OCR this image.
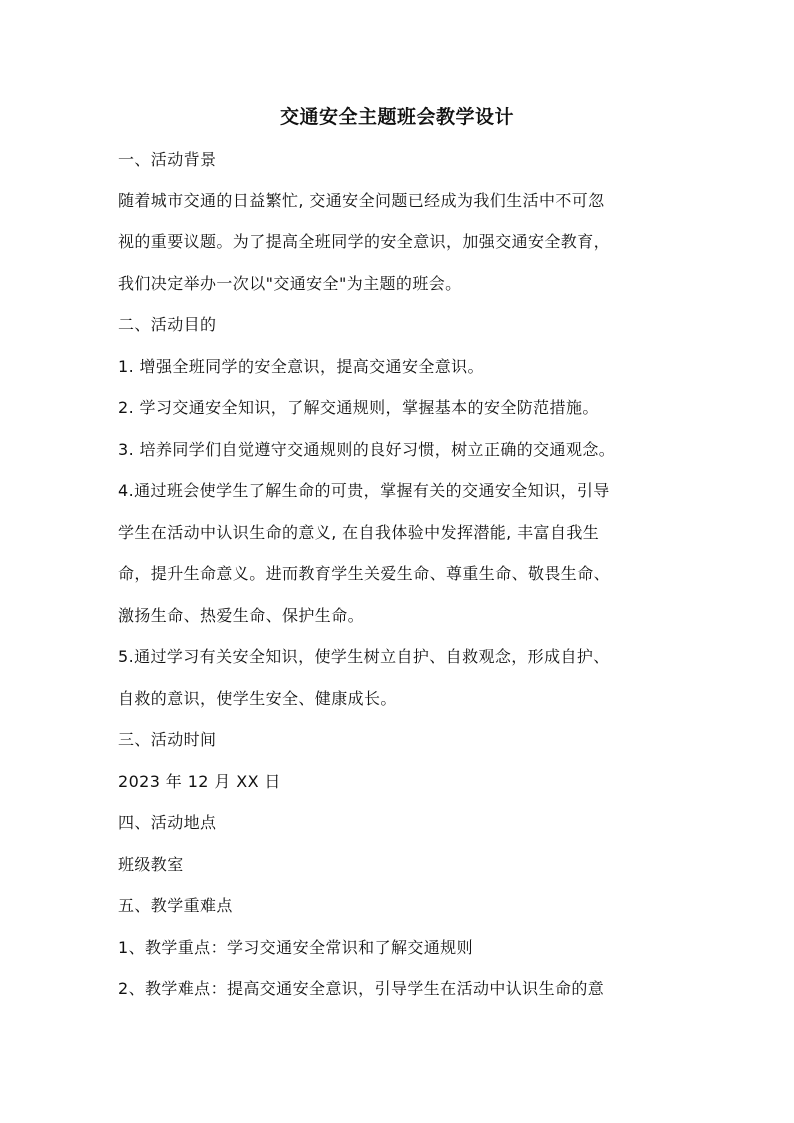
交通安全主题班会教学设计
一、活动背景
随着城市交通的日益繁忙, 交通安全问题已经成为我们生活中不可忽
视的重要议题。为了提高全班同学的安全意识，加强交通安全教育，
我们决定举办一次以"交通安全"为主题的班会。
二、活动目的
1. 增强全班同学的安全意识，提高交通安全意识。
2. 学习交通安全知识，了解交通规则，掌握基本的安全防范措施。
3. 培养同学们自觉遵守交通规则的良好习惯，树立正确的交通观念。
4.通过班会使学生了解生命的可贵，掌握有关的交通安全知识，引导
学生在活动中认识生命的意义, 在自我体验中发挥潜能, 丰富自我生
命，提升生命意义。进而教育学生关爱生命、尊重生命、敬畏生命、
激扬生命、热爱生命、保护生命。
5.通过学习有关安全知识，使学生树立自护、自救观念，形成自护、
自救的意识，使学生安全、健康成长。
三、活动时间
2023 年 12 月 XX 日
四、活动地点
班级教室
五、教学重难点
1、教学重点：学习交通安全常识和了解交通规则
2、教学难点：提高交通安全意识，引导学生在活动中认识生命的意
